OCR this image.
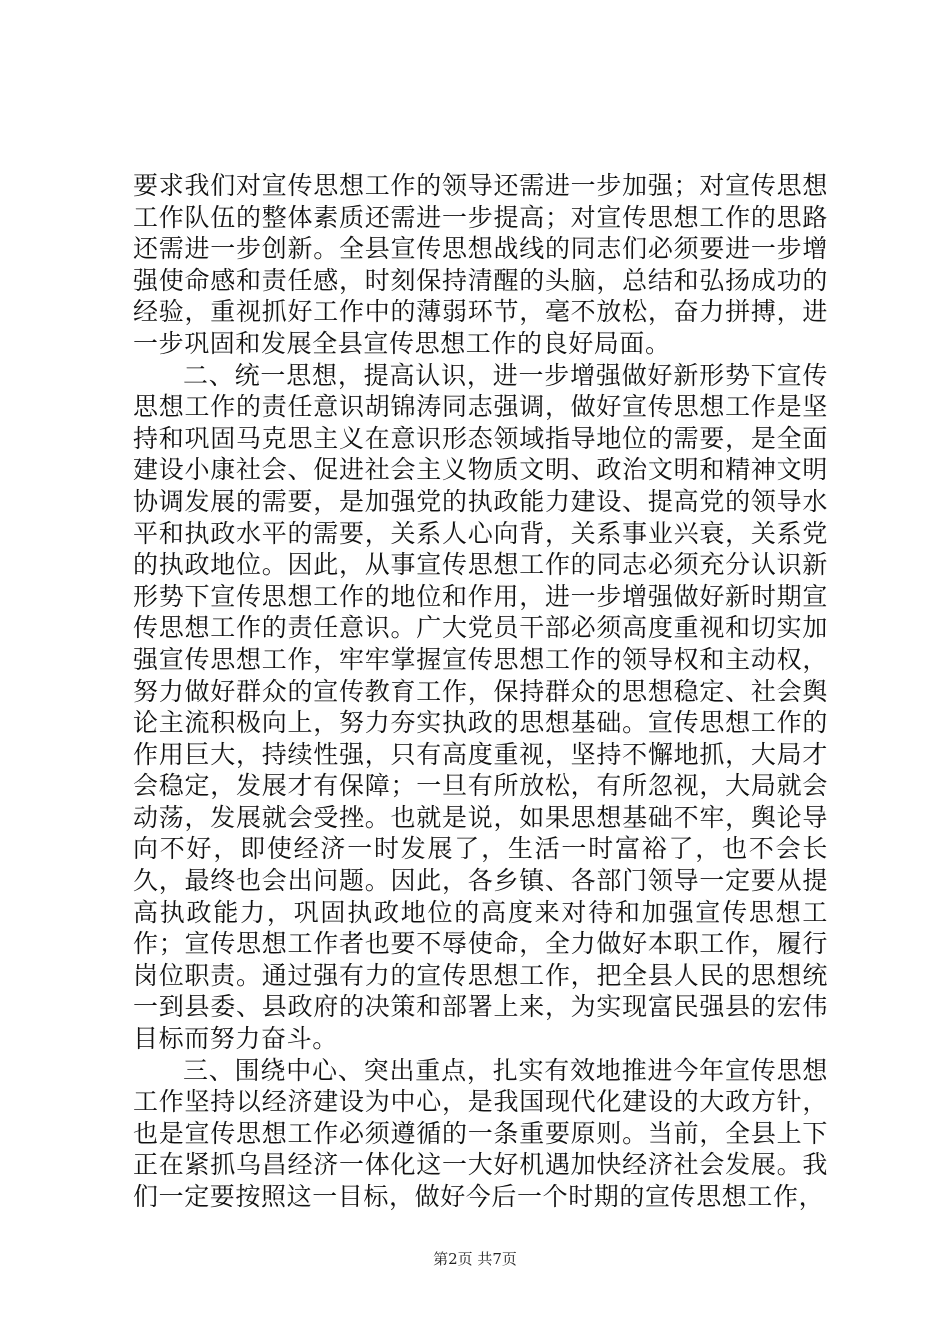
要求我们对宣传思想工作的领导还需进一步加强；对宣传思想工作队伍的整体素质还需进一步提高；对宣传思想工作的思路还需进一步创新。全县宣传思想战线的同志们必须要进一步增强使命感和责任感，时刻保持清醒的头脑，总结和弘扬成功的经验，重视抓好工作中的薄弱环节，毫不放松，奋力拼搏，进一步巩固和发展全县宣传思想工作的良好局面。

二、统一思想，提高认识，进一步增强做好新形势下宣传思想工作的责任意识胡锦涛同志强调，做好宣传思想工作是坚持和巩固马克思主义在意识形态领域指导地位的需要，是全面建设小康社会、促进社会主义物质文明、政治文明和精神文明协调发展的需要，是加强党的执政能力建设、提高党的领导水平和执政水平的需要，关系人心向背，关系事业兴衰，关系党的执政地位。因此，从事宣传思想工作的同志必须充分认识新形势下宣传思想工作的地位和作用，进一步增强做好新时期宣传思想工作的责任意识。广大党员干部必须高度重视和切实加强宣传思想工作，牢牢掌握宣传思想工作的领导权和主动权，努力做好群众的宣传教育工作，保持群众的思想稳定、社会舆论主流积极向上，努力夯实执政的思想基础。宣传思想工作的作用巨大，持续性强，只有高度重视，坚持不懈地抓，大局才会稳定，发展才有保障；一旦有所放松，有所忽视，大局就会动荡，发展就会受挫。也就是说，如果思想基础不牢，舆论导向不好，即使经济一时发展了，生活一时富裕了，也不会长久，最终也会出问题。因此，各乡镇、各部门领导一定要从提高执政能力，巩固执政地位的高度来对待和加强宣传思想工作；宣传思想工作者也要不辱使命，全力做好本职工作，履行岗位职责。通过强有力的宣传思想工作，把全县人民的思想统一到县委、县政府的决策和部署上来，为实现富民强县的宏伟目标而努力奋斗。

三、围绕中心、突出重点，扎实有效地推进今年宣传思想工作坚持以经济建设为中心，是我国现代化建设的大政方针，也是宣传思想工作必须遵循的一条重要原则。当前，全县上下正在紧抓乌昌经济一体化这一大好机遇加快经济社会发展。我们一定要按照这一目标，做好今后一个时期的宣传思想工作，

第2页 共7页
